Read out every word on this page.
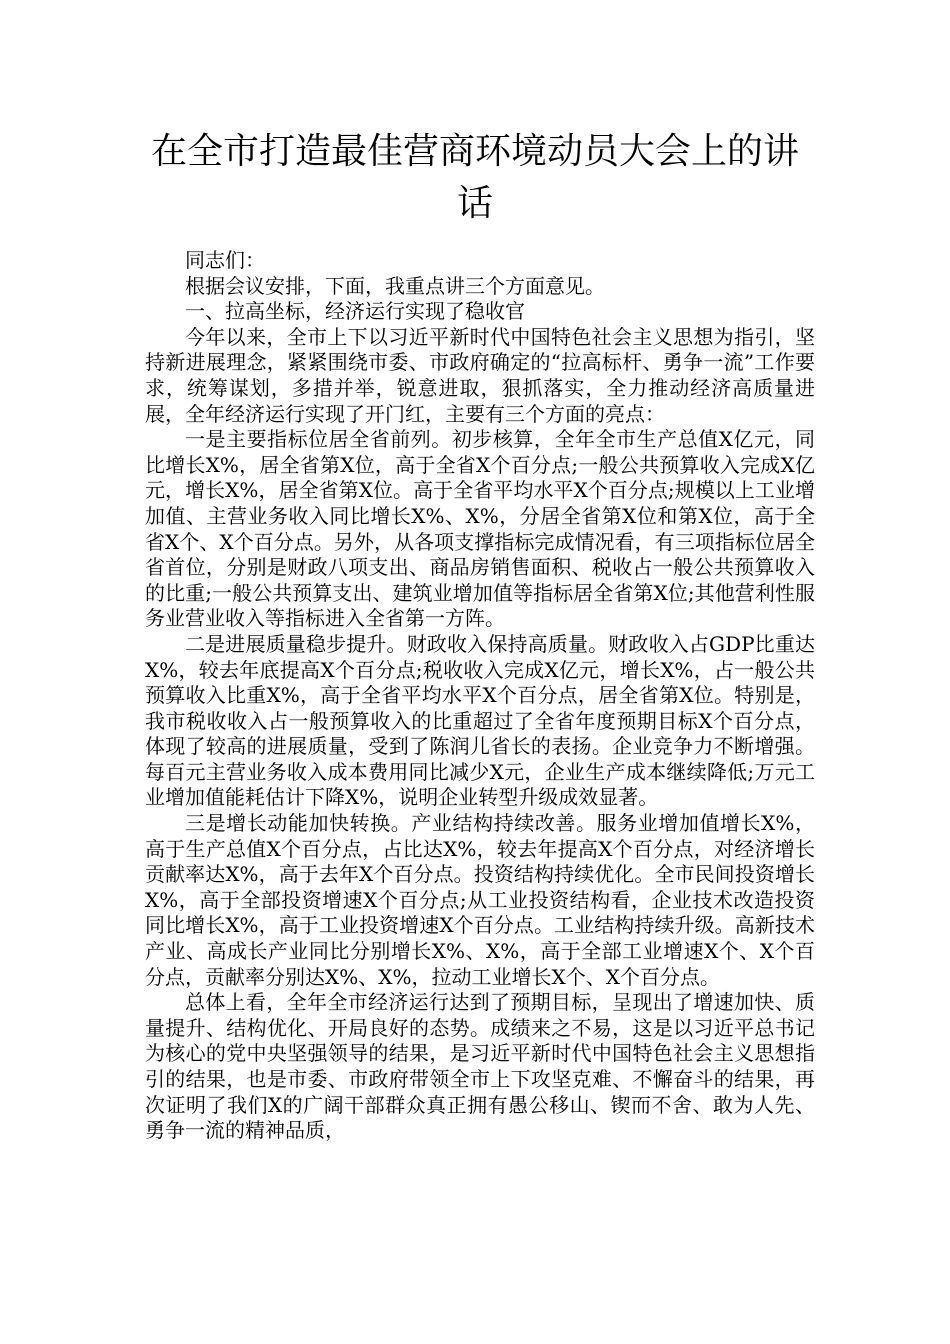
在全市打造最佳营商环境动员大会上的讲话

同志们：

根据会议安排，下面，我重点讲三个方面意见。

一、拉高坐标，经济运行实现了稳收官

今年以来，全市上下以习近平新时代中国特色社会主义思想为指引，坚持新进展理念，紧紧围绕市委、市政府确定的“拉高标杆、勇争一流”工作要求，统筹谋划，多措并举，锐意进取，狠抓落实，全力推动经济高质量进展，全年经济运行实现了开门红，主要有三个方面的亮点：

一是主要指标位居全省前列。初步核算，全年全市生产总值X亿元，同比增长X%，居全省第X位，高于全省X个百分点;一般公共预算收入完成X亿元，增长X%，居全省第X位。高于全省平均水平X个百分点;规模以上工业增加值、主营业务收入同比增长X%、X%，分居全省第X位和第X位，高于全省X个、X个百分点。另外，从各项支撑指标完成情况看，有三项指标位居全省首位，分别是财政八项支出、商品房销售面积、税收占一般公共预算收入的比重;一般公共预算支出、建筑业增加值等指标居全省第X位;其他营利性服务业营业收入等指标进入全省第一方阵。

二是进展质量稳步提升。财政收入保持高质量。财政收入占GDP比重达X%，较去年底提高X个百分点;税收收入完成X亿元，增长X%，占一般公共预算收入比重X%，高于全省平均水平X个百分点，居全省第X位。特别是，我市税收收入占一般预算收入的比重超过了全省年度预期目标X个百分点，体现了较高的进展质量，受到了陈润儿省长的表扬。企业竞争力不断增强。每百元主营业务收入成本费用同比减少X元，企业生产成本继续降低;万元工业增加值能耗估计下降X%，说明企业转型升级成效显著。

三是增长动能加快转换。产业结构持续改善。服务业增加值增长X%，高于生产总值X个百分点，占比达X%，较去年提高X个百分点，对经济增长贡献率达X%，高于去年X个百分点。投资结构持续优化。全市民间投资增长X%，高于全部投资增速X个百分点;从工业投资结构看，企业技术改造投资同比增长X%，高于工业投资增速X个百分点。工业结构持续升级。高新技术产业、高成长产业同比分别增长X%、X%，高于全部工业增速X个、X个百分点，贡献率分别达X%、X%，拉动工业增长X个、X个百分点。

总体上看，全年全市经济运行达到了预期目标，呈现出了增速加快、质量提升、结构优化、开局良好的态势。成绩来之不易，这是以习近平总书记为核心的党中央坚强领导的结果，是习近平新时代中国特色社会主义思想指引的结果，也是市委、市政府带领全市上下攻坚克难、不懈奋斗的结果，再次证明了我们X的广阔干部群众真正拥有愚公移山、锲而不舍、敢为人先、勇争一流的精神品质，
